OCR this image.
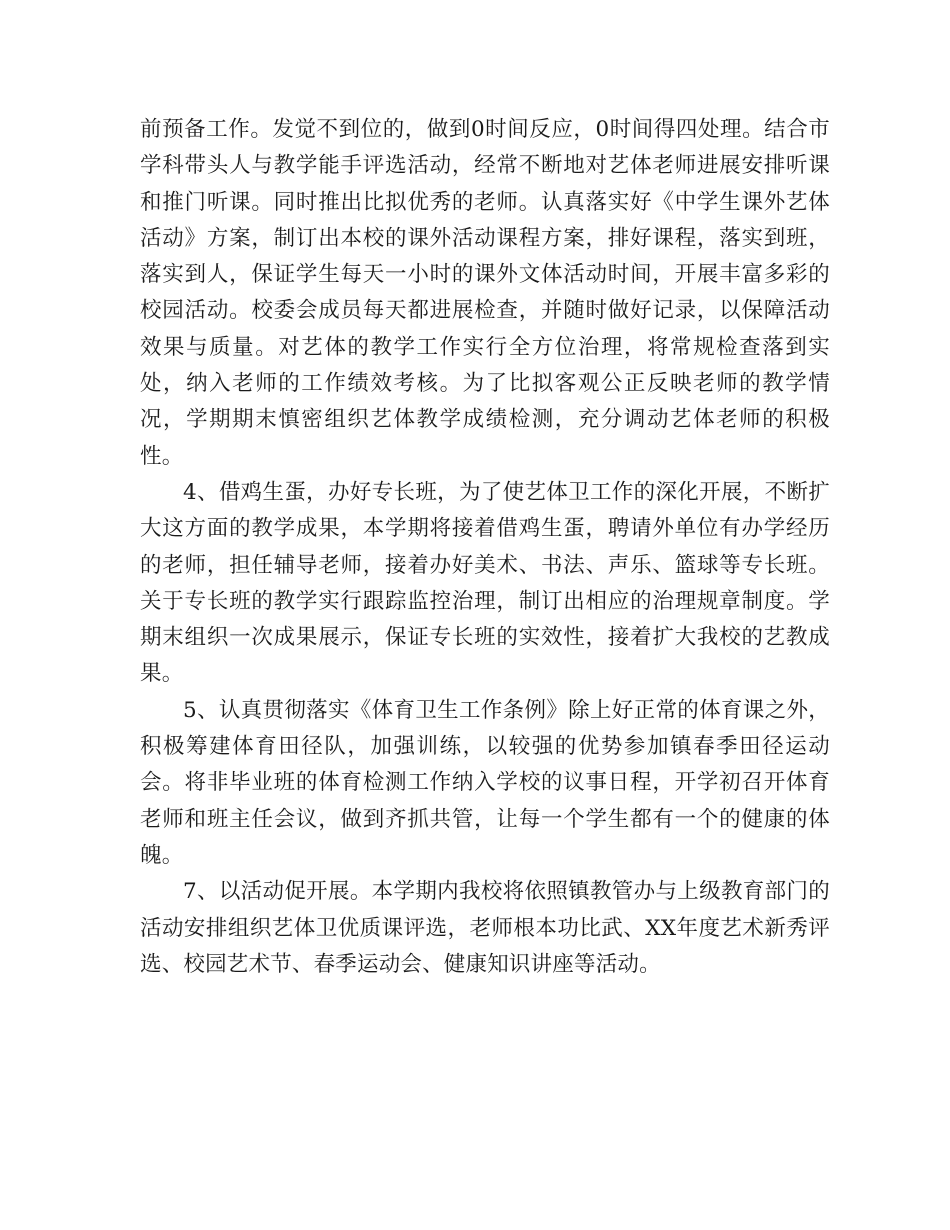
前预备工作。发觉不到位的，做到0时间反应，0时间得四处理。结合市学科带头人与教学能手评选活动，经常不断地对艺体老师进展安排听课和推门听课。同时推出比拟优秀的老师。认真落实好《中学生课外艺体活动》方案，制订出本校的课外活动课程方案，排好课程，落实到班，落实到人，保证学生每天一小时的课外文体活动时间，开展丰富多彩的校园活动。校委会成员每天都进展检查，并随时做好记录，以保障活动效果与质量。对艺体的教学工作实行全方位治理，将常规检查落到实处，纳入老师的工作绩效考核。为了比拟客观公正反映老师的教学情况，学期期末慎密组织艺体教学成绩检测，充分调动艺体老师的积极性。

4、借鸡生蛋，办好专长班，为了使艺体卫工作的深化开展，不断扩大这方面的教学成果，本学期将接着借鸡生蛋，聘请外单位有办学经历的老师，担任辅导老师，接着办好美术、书法、声乐、篮球等专长班。关于专长班的教学实行跟踪监控治理，制订出相应的治理规章制度。学期末组织一次成果展示，保证专长班的实效性，接着扩大我校的艺教成果。

5、认真贯彻落实《体育卫生工作条例》除上好正常的体育课之外，积极筹建体育田径队，加强训练，以较强的优势参加镇春季田径运动会。将非毕业班的体育检测工作纳入学校的议事日程，开学初召开体育老师和班主任会议，做到齐抓共管，让每一个学生都有一个的健康的体魄。

7、以活动促开展。本学期内我校将依照镇教管办与上级教育部门的活动安排组织艺体卫优质课评选，老师根本功比武、XX年度艺术新秀评选、校园艺术节、春季运动会、健康知识讲座等活动。
